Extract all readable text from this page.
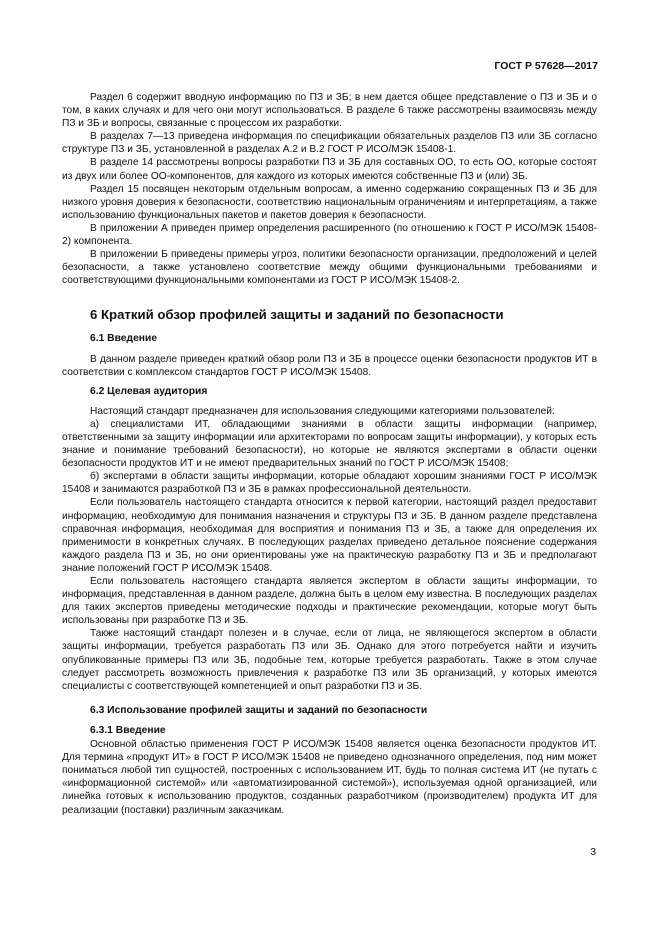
ГОСТ Р 57628—2017

Раздел 6 содержит вводную информацию по ПЗ и ЗБ; в нем дается общее представление о ПЗ и ЗБ и о том, в каких случаях и для чего они могут использоваться. В разделе 6 также рассмотрены взаимосвязь между ПЗ и ЗБ и вопросы, связанные с процессом их разработки.

В разделах 7—13 приведена информация по спецификации обязательных разделов ПЗ или ЗБ согласно структуре ПЗ и ЗБ, установленной в разделах А.2 и В.2 ГОСТ Р ИСО/МЭК 15408-1.

В разделе 14 рассмотрены вопросы разработки ПЗ и ЗБ для составных ОО, то есть ОО, которые состоят из двух или более ОО-компонентов, для каждого из которых имеются собственные ПЗ и (или) ЗБ.

Раздел 15 посвящен некоторым отдельным вопросам, а именно содержанию сокращенных ПЗ и ЗБ для низкого уровня доверия к безопасности, соответствию национальным ограничениям и интерпретациям, а также использованию функциональных пакетов и пакетов доверия к безопасности.

В приложении А приведен пример определения расширенного (по отношению к ГОСТ Р ИСО/МЭК 15408-2) компонента.

В приложении Б приведены примеры угроз, политики безопасности организации, предположений и целей безопасности, а также установлено соответствие между общими функциональными требованиями и соответствующими функциональными компонентами из ГОСТ Р ИСО/МЭК 15408-2.

6 Краткий обзор профилей защиты и заданий по безопасности
6.1 Введение

В данном разделе приведен краткий обзор роли ПЗ и ЗБ в процессе оценки безопасности продуктов ИТ в соответствии с комплексом стандартов ГОСТ Р ИСО/МЭК 15408.

6.2 Целевая аудитория

Настоящий стандарт предназначен для использования следующими категориями пользователей:

а) специалистами ИТ, обладающими знаниями в области защиты информации (например, ответственными за защиту информации или архитекторами по вопросам защиты информации), у которых есть знание и понимание требований безопасности), но которые не являются экспертами в области оценки безопасности продуктов ИТ и не имеют предварительных знаний по ГОСТ Р ИСО/МЭК 15408;

б) экспертами в области защиты информации, которые обладают хорошим знаниями ГОСТ Р ИСО/МЭК 15408 и занимаются разработкой ПЗ и ЗБ в рамках профессиональной деятельности.

Если пользователь настоящего стандарта относится к первой категории, настоящий раздел предоставит информацию, необходимую для понимания назначения и структуры ПЗ и ЗБ. В данном разделе представлена справочная информация, необходимая для восприятия и понимания ПЗ и ЗБ, а также для определения их применимости в конкретных случаях. В последующих разделах приведено детальное пояснение содержания каждого раздела ПЗ и ЗБ, но они ориентированы уже на практическую разработку ПЗ и ЗБ и предполагают знание положений ГОСТ Р ИСО/МЭК 15408.

Если пользователь настоящего стандарта является экспертом в области защиты информации, то информация, представленная в данном разделе, должна быть в целом ему известна. В последующих разделах для таких экспертов приведены методические подходы и практические рекомендации, которые могут быть использованы при разработке ПЗ и ЗБ.

Также настоящий стандарт полезен и в случае, если от лица, не являющегося экспертом в области защиты информации, требуется разработать ПЗ или ЗБ. Однако для этого потребуется найти и изучить опубликованные примеры ПЗ или ЗБ, подобные тем, которые требуется разработать. Также в этом случае следует рассмотреть возможность привлечения к разработке ПЗ или ЗБ организаций, у которых имеются специалисты с соответствующей компетенцией и опыт разработки ПЗ и ЗБ.

6.3 Использование профилей защиты и заданий по безопасности
6.3.1 Введение

Основной областью применения ГОСТ Р ИСО/МЭК 15408 является оценка безопасности продуктов ИТ. Для термина «продукт ИТ» в ГОСТ Р ИСО/МЭК 15408 не приведено однозначного определения, под ним может пониматься любой тип сущностей, построенных с использованием ИТ, будь то полная система ИТ (не путать с «информационной системой» или «автоматизированной системой»), используемая одной организацией, или линейка готовых к использованию продуктов, созданных разработчиком (производителем) продукта ИТ для реализации (поставки) различным заказчикам.

3
